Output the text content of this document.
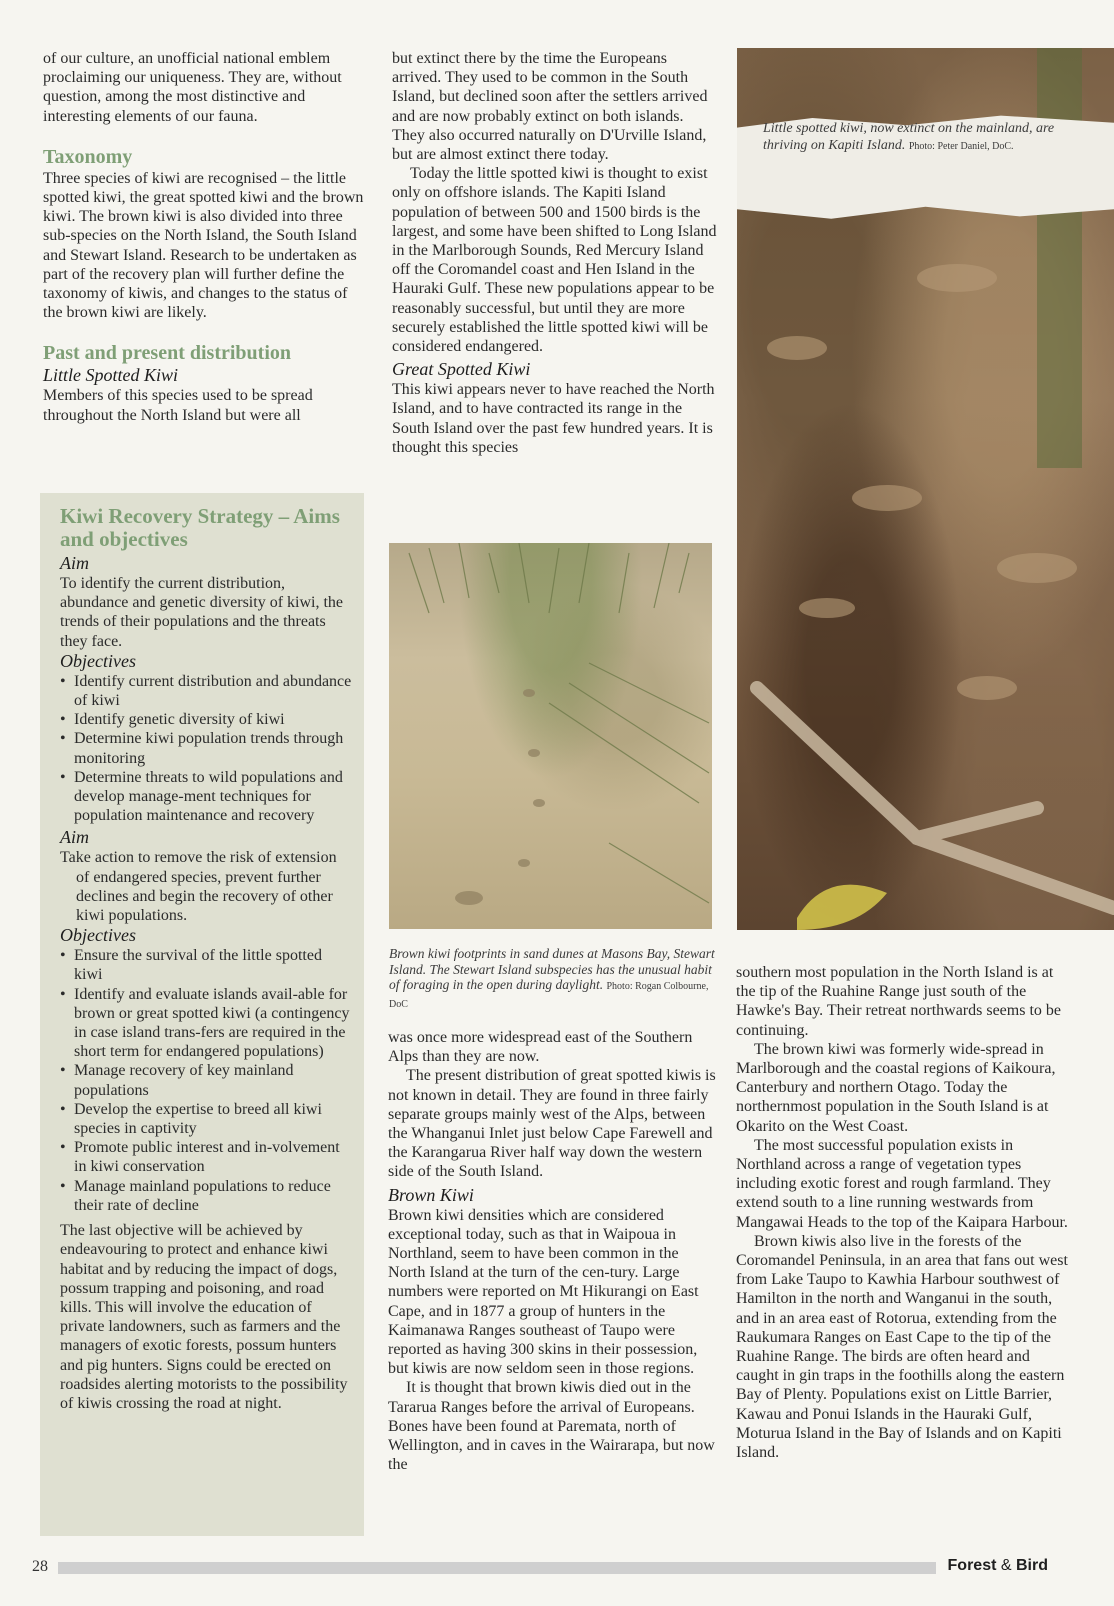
of our culture, an unofficial national emblem proclaiming our uniqueness. They are, without question, among the most distinctive and interesting elements of our fauna.

Taxonomy

Three species of kiwi are recognised – the little spotted kiwi, the great spotted kiwi and the brown kiwi. The brown kiwi is also divided into three sub-species on the North Island, the South Island and Stewart Island. Research to be undertaken as part of the recovery plan will further define the taxonomy of kiwis, and changes to the status of the brown kiwi are likely.

Past and present distribution
Little Spotted Kiwi

Members of this species used to be spread throughout the North Island but were all

Kiwi Recovery Strategy – Aims and objectives
Aim

To identify the current distribution, abundance and genetic diversity of kiwi, the trends of their populations and the threats they face.

Objectives
• Identify current distribution and abundance of kiwi
• Identify genetic diversity of kiwi
• Determine kiwi population trends through monitoring
• Determine threats to wild populations and develop manage-ment techniques for population maintenance and recovery
Aim

Take action to remove the risk of extension of endangered species, prevent further declines and begin the recovery of other kiwi populations.

Objectives
• Ensure the survival of the little spotted kiwi
• Identify and evaluate islands avail-able for brown or great spotted kiwi (a contingency in case island trans-fers are required in the short term for endangered populations)
• Manage recovery of key mainland populations
• Develop the expertise to breed all kiwi species in captivity
• Promote public interest and in-volvement in kiwi conservation
• Manage mainland populations to reduce their rate of decline

The last objective will be achieved by endeavouring to protect and enhance kiwi habitat and by reducing the impact of dogs, possum trapping and poisoning, and road kills. This will involve the education of private landowners, such as farmers and the managers of exotic forests, possum hunters and pig hunters. Signs could be erected on roadsides alerting motorists to the possibility of kiwis crossing the road at night.

but extinct there by the time the Europeans arrived. They used to be common in the South Island, but declined soon after the settlers arrived and are now probably extinct on both islands. They also occurred naturally on D'Urville Island, but are almost extinct there today.

Today the little spotted kiwi is thought to exist only on offshore islands. The Kapiti Island population of between 500 and 1500 birds is the largest, and some have been shifted to Long Island in the Marlborough Sounds, Red Mercury Island off the Coromandel coast and Hen Island in the Hauraki Gulf. These new populations appear to be reasonably successful, but until they are more securely established the little spotted kiwi will be considered endangered.

Great Spotted Kiwi

This kiwi appears never to have reached the North Island, and to have contracted its range in the South Island over the past few hundred years. It is thought this species

Brown kiwi footprints in sand dunes at Masons Bay, Stewart Island. The Stewart Island subspecies has the unusual habit of foraging in the open during daylight. Photo: Rogan Colbourne, DoC

was once more widespread east of the Southern Alps than they are now.

The present distribution of great spotted kiwis is not known in detail. They are found in three fairly separate groups mainly west of the Alps, between the Whanganui Inlet just below Cape Farewell and the Karangarua River half way down the western side of the South Island.

Brown Kiwi

Brown kiwi densities which are considered exceptional today, such as that in Waipoua in Northland, seem to have been common in the North Island at the turn of the cen-tury. Large numbers were reported on Mt Hikurangi on East Cape, and in 1877 a group of hunters in the Kaimanawa Ranges southeast of Taupo were reported as having 300 skins in their possession, but kiwis are now seldom seen in those regions.

It is thought that brown kiwis died out in the Tararua Ranges before the arrival of Europeans. Bones have been found at Paremata, north of Wellington, and in caves in the Wairarapa, but now the

Little spotted kiwi, now extinct on the mainland, are thriving on Kapiti Island. Photo: Peter Daniel, DoC.

southern most population in the North Island is at the tip of the Ruahine Range just south of the Hawke's Bay. Their retreat northwards seems to be continuing.

The brown kiwi was formerly wide-spread in Marlborough and the coastal regions of Kaikoura, Canterbury and northern Otago. Today the northernmost population in the South Island is at Okarito on the West Coast.

The most successful population exists in Northland across a range of vegetation types including exotic forest and rough farmland. They extend south to a line running westwards from Mangawai Heads to the top of the Kaipara Harbour.

Brown kiwis also live in the forests of the Coromandel Peninsula, in an area that fans out west from Lake Taupo to Kawhia Harbour southwest of Hamilton in the north and Wanganui in the south, and in an area east of Rotorua, extending from the Raukumara Ranges on East Cape to the tip of the Ruahine Range. The birds are often heard and caught in gin traps in the foothills along the eastern Bay of Plenty. Populations exist on Little Barrier, Kawau and Ponui Islands in the Hauraki Gulf, Moturua Island in the Bay of Islands and on Kapiti Island.

28	Forest & Bird
